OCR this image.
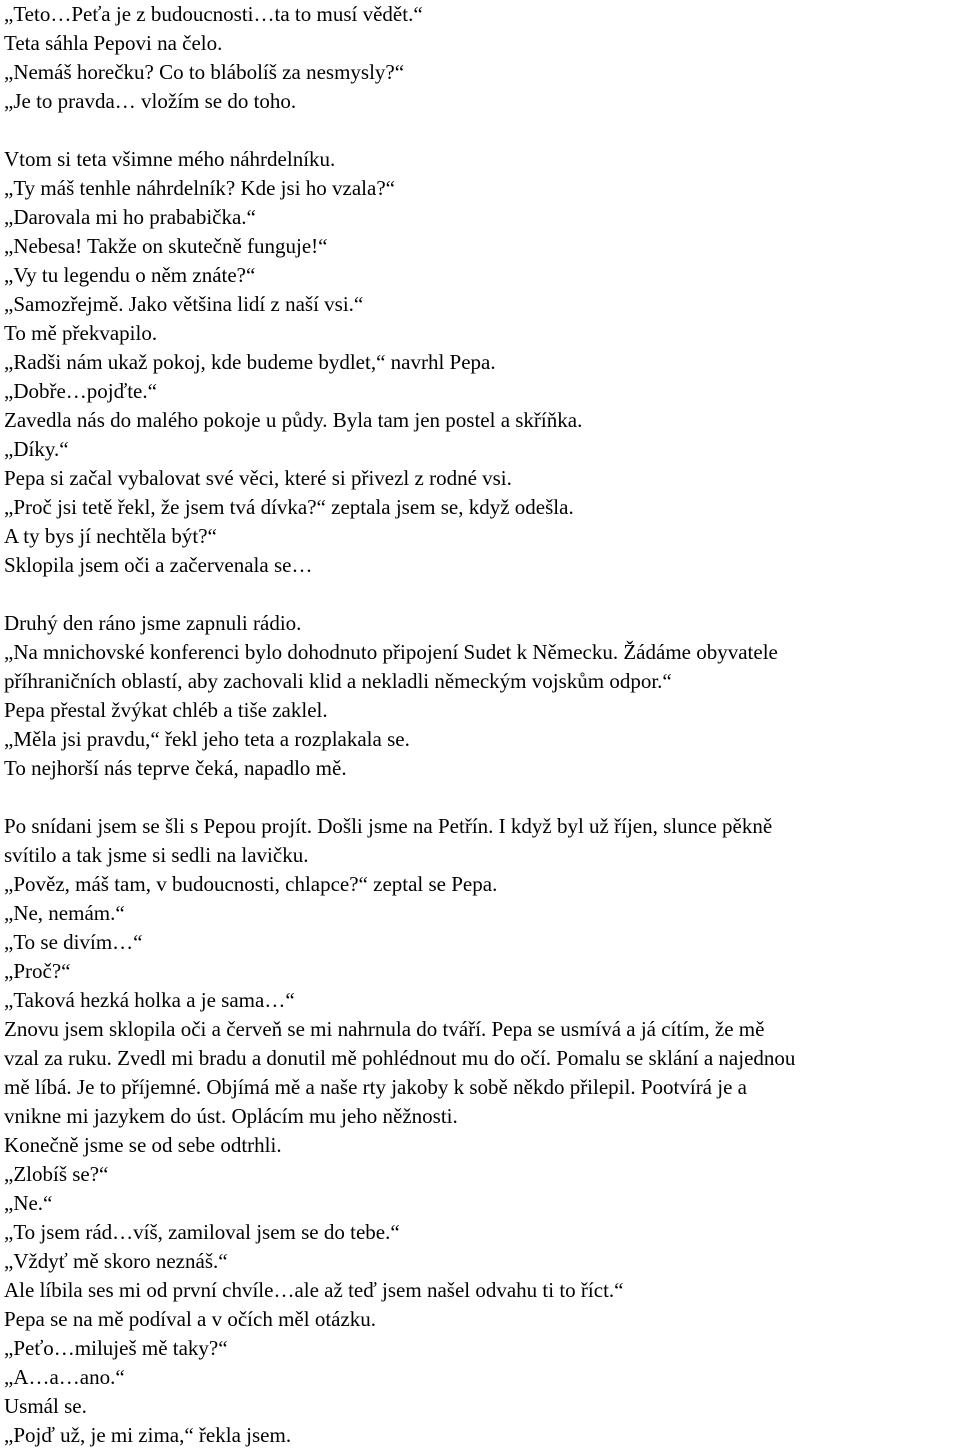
„Teto…Peťa je z budoucnosti…ta to musí vědět.“
Teta sáhla Pepovi na čelo.
„Nemáš horečku? Co to blábolíš za nesmysly?“
„Je to pravda… vložím se do toho.
Vtom si teta všimne mého náhrdelníku.
„Ty máš tenhle náhrdelník? Kde jsi ho vzala?“
„Darovala mi ho prababička.“
„Nebesa! Takže on skutečně funguje!“
„Vy tu legendu o něm znáte?“
„Samozřejmě. Jako většina lidí z naší vsi.“
To mě překvapilo.
„Radši nám ukaž pokoj, kde budeme bydlet,“ navrhl Pepa.
„Dobře…pojďte.“
Zavedla nás do malého pokoje u půdy. Byla tam jen postel a skříňka.
„Díky.“
Pepa si začal vybalovat své věci, které si přivezl z rodné vsi.
„Proč jsi tetě řekl, že jsem tvá dívka?“ zeptala jsem se, když odešla.
A ty bys jí nechtěla být?“
Sklopila jsem oči a začervenala se…
Druhý den ráno jsme zapnuli rádio.
„Na mnichovské konferenci bylo dohodnuto připojení Sudet k Německu. Žádáme obyvatele
příhraničních oblastí, aby zachovali klid a nekladli německým vojskům odpor.“
Pepa přestal žvýkat chléb a tiše zaklel.
„Měla jsi pravdu,“ řekl jeho teta a rozplakala se.
To nejhorší nás teprve čeká, napadlo mě.
Po snídani jsem se šli s Pepou projít. Došli jsme na Petřín. I když byl už říjen, slunce pěkně
svítilo a tak jsme si sedli na lavičku.
„Pověz, máš tam, v budoucnosti, chlapce?“ zeptal se Pepa.
„Ne, nemám.“
„To se divím…“
„Proč?“
„Taková hezká holka a je sama…“
Znovu jsem sklopila oči a červeň se mi nahrnula do tváří. Pepa se usmívá a já cítím, že mě
vzal za ruku. Zvedl mi bradu a donutil mě pohlédnout mu do očí. Pomalu se sklání a najednou
mě líbá. Je to příjemné. Objímá mě a naše rty jakoby k sobě někdo přilepil. Pootvírá je a
vnikne mi jazykem do úst. Oplácím mu jeho něžnosti.
Konečně jsme se od sebe odtrhli.
„Zlobíš se?“
„Ne.“
„To jsem rád…víš, zamiloval jsem se do tebe.“
„Vždyť mě skoro neznáš.“
Ale líbila ses mi od první chvíle…ale až teď jsem našel odvahu ti to říct.“
Pepa se na mě podíval a v očích měl otázku.
„Peťo…miluješ mě taky?“
„A…a…ano.“
Usmál se.
„Pojď už, je mi zima,“ řekla jsem.
